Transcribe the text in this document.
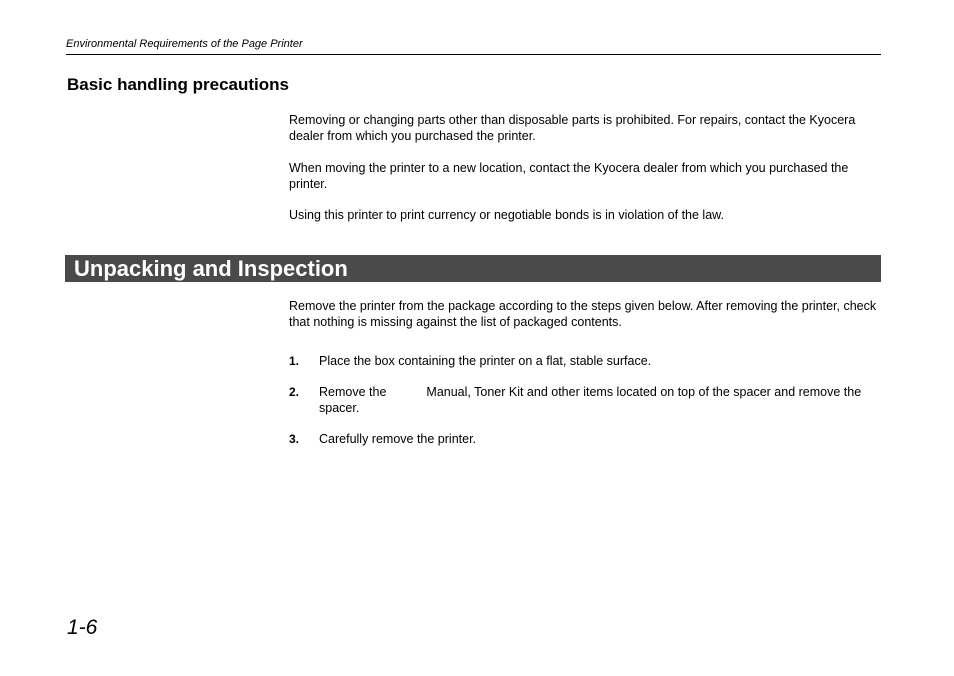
Environmental Requirements of the Page Printer
Basic handling precautions

Removing or changing parts other than disposable parts is prohibited. For repairs, contact the Kyocera dealer from which you purchased the printer.

When moving the printer to a new location, contact the Kyocera dealer from which you purchased the printer.

Using this printer to print currency or negotiable bonds is in violation of the law.

Unpacking and Inspection

Remove the printer from the package according to the steps given below. After removing the printer, check that nothing is missing against the list of packaged contents.

1. Place the box containing the printer on a flat, stable surface.
2. Remove the	Manual, Toner Kit and other items located on top of the spacer and remove the spacer.
3. Carefully remove the printer.
1-6
